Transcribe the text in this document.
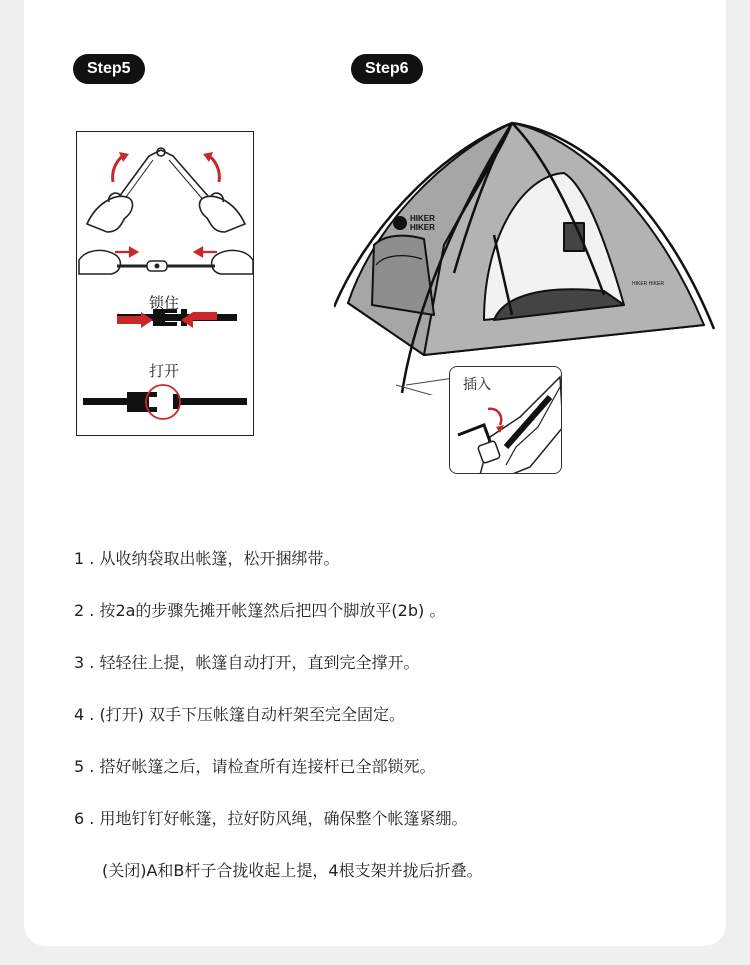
Step5	Step6
锁住
打开
HIKER
HIKER
HIKER HIKER
插入
1 . 从收纳袋取出帐篷，松开捆绑带。
2 . 按2a的步骤先摊开帐篷然后把四个脚放平(2b) 。
3 . 轻轻往上提，帐篷自动打开，直到完全撑开。
4 . (打开) 双手下压帐篷自动杆架至完全固定。
5 . 搭好帐篷之后，请检查所有连接杆已全部锁死。
6 . 用地钉钉好帐篷，拉好防风绳，确保整个帐篷紧绷。
(关闭)A和B杆子合拢收起上提，4根支架并拢后折叠。
